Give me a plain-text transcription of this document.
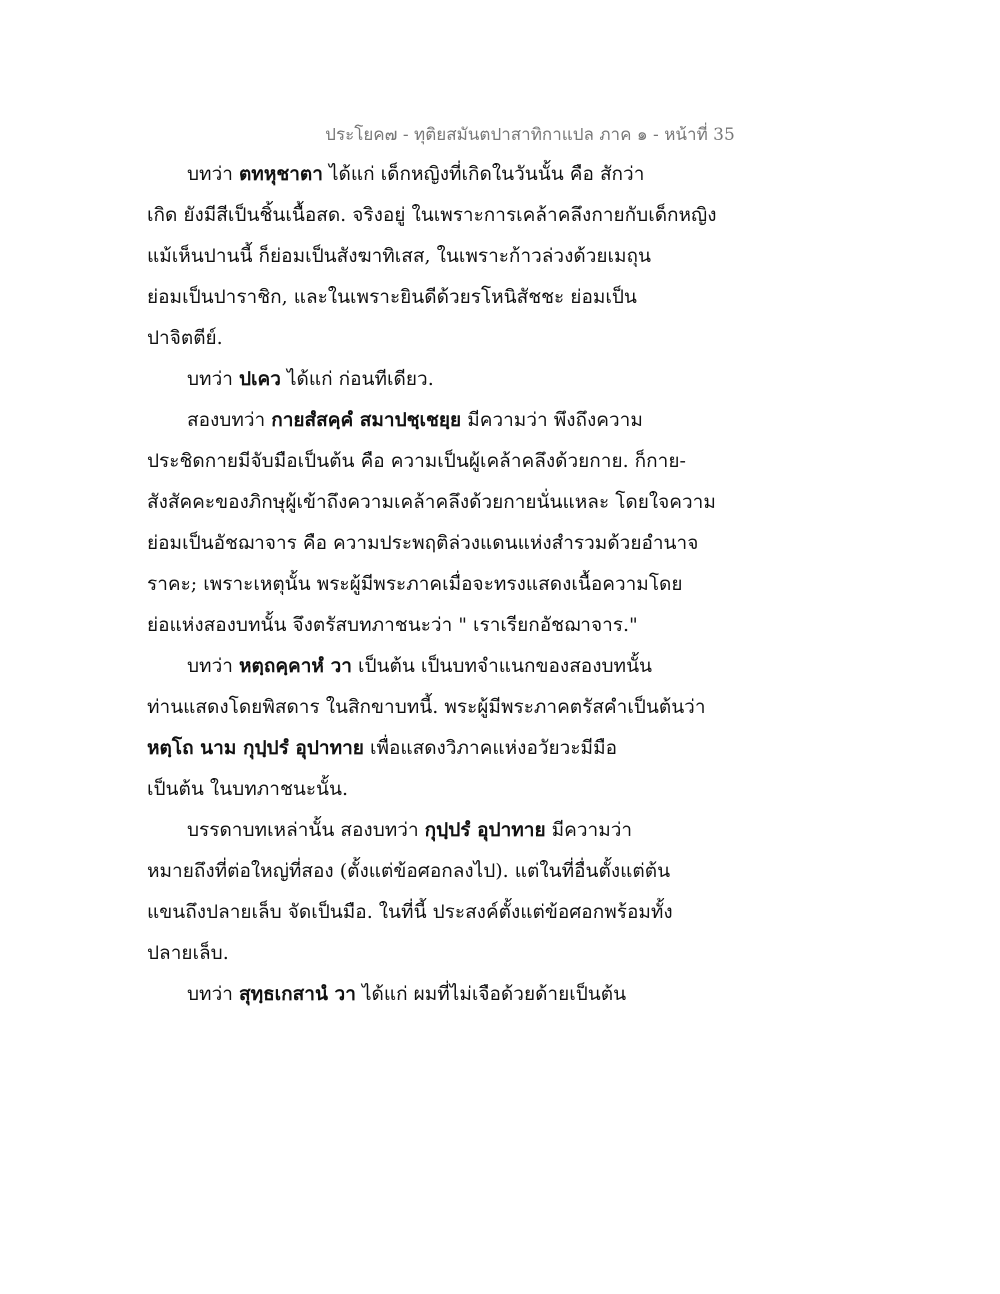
ประโยค๗ - ทุติยสมันตปาสาทิกาแปล ภาค ๑ - หน้าที่ 35
บทว่า ตทหุชาตา ได้แก่ เด็กหญิงที่เกิดในวันนั้น คือ สักว่า
เกิด ยังมีสีเป็นชิ้นเนื้อสด. จริงอยู่ ในเพราะการเคล้าคลึงกายกับเด็กหญิง
แม้เห็นปานนี้ ก็ย่อมเป็นสังฆาทิเสส, ในเพราะก้าวล่วงด้วยเมถุน
ย่อมเป็นปาราชิก, และในเพราะยินดีด้วยรโหนิสัชชะ ย่อมเป็น
ปาจิตตีย์.
บทว่า ปเคว ได้แก่ ก่อนทีเดียว.
สองบทว่า กายสํสคฺคํ สมาปชฺเชยฺย มีความว่า พึงถึงความ
ประชิดกายมีจับมือเป็นต้น คือ ความเป็นผู้เคล้าคลึงด้วยกาย. ก็กาย-
สังสัคคะของภิกษุผู้เข้าถึงความเคล้าคลึงด้วยกายนั่นแหละ โดยใจความ
ย่อมเป็นอัชฌาจาร คือ ความประพฤติล่วงแดนแห่งสำรวมด้วยอำนาจ
ราคะ; เพราะเหตุนั้น พระผู้มีพระภาคเมื่อจะทรงแสดงเนื้อความโดย
ย่อแห่งสองบทนั้น จึงตรัสบทภาชนะว่า " เราเรียกอัชฌาจาร."
บทว่า หตฺถคฺคาหํ วา เป็นต้น เป็นบทจำแนกของสองบทนั้น
ท่านแสดงโดยพิสดาร ในสิกขาบทนี้. พระผู้มีพระภาคตรัสคำเป็นต้นว่า
หตฺโถ นาม กุปฺปรํ อุปาทาย เพื่อแสดงวิภาคแห่งอวัยวะมีมือ
เป็นต้น ในบทภาชนะนั้น.
บรรดาบทเหล่านั้น สองบทว่า กุปฺปรํ อุปาทาย มีความว่า
หมายถึงที่ต่อใหญ่ที่สอง (ตั้งแต่ข้อศอกลงไป). แต่ในที่อื่นตั้งแต่ต้น
แขนถึงปลายเล็บ จัดเป็นมือ. ในที่นี้ ประสงค์ตั้งแต่ข้อศอกพร้อมทั้ง
ปลายเล็บ.
บทว่า สุทฺธเกสานํ วา ได้แก่ ผมที่ไม่เจือด้วยด้ายเป็นต้น
